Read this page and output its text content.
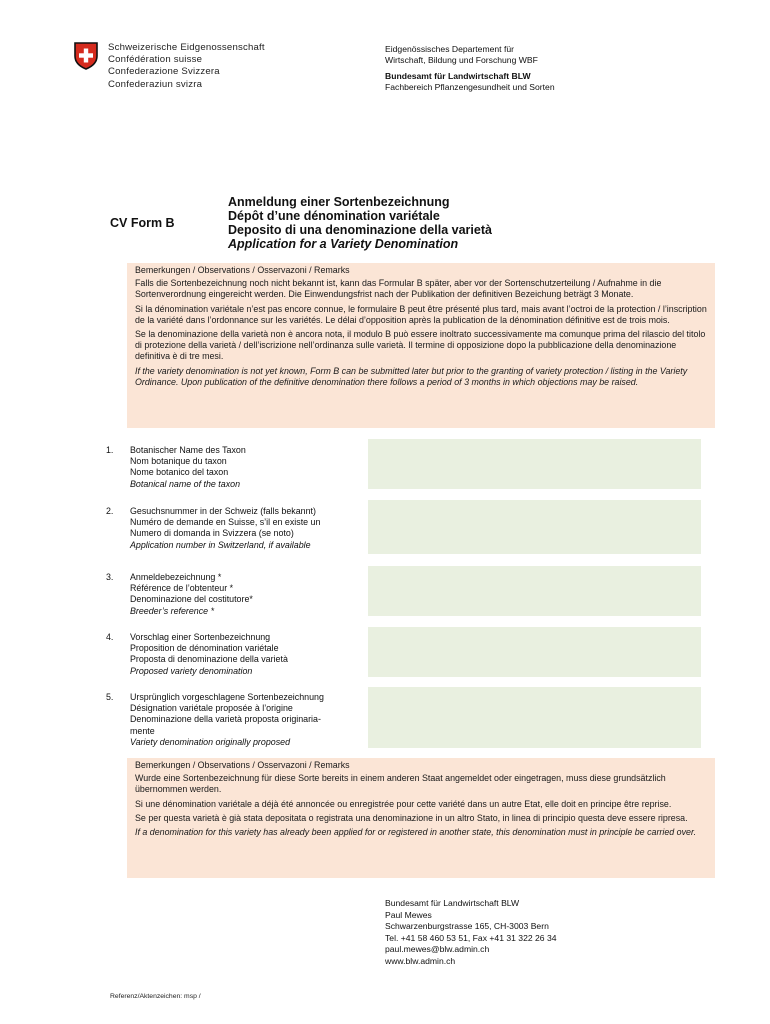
Schweizerische Eidgenossenschaft
Confédération suisse
Confederazione Svizzera
Confederaziun svizra
Eidgenössisches Departement für
Wirtschaft, Bildung und Forschung WBF
Bundesamt für Landwirtschaft BLW
Fachbereich Pflanzengesundheit und Sorten
CV Form B
Anmeldung einer Sortenbezeichnung
Dépôt d’une dénomination variétale
Deposito di una denominazione della varietà
Application for a Variety Denomination

Bemerkungen / Observations / Osservazoni / Remarks

Falls die Sortenbezeichnung noch nicht bekannt ist, kann das Formular B später, aber vor der Sortenschutzerteilung / Aufnahme in die Sortenverordnung eingereicht werden. Die Einwendungsfrist nach der Publikation der definitiven Bezeichung beträgt 3 Monate.

Si la dénomination variétale n’est pas encore connue, le formulaire B peut être présenté plus tard, mais avant l’octroi de la protection / l’inscription de la variété dans l’ordonnance sur les variétés. Le délai d’opposition après la publication de la dénomination définitive est de trois mois.

Se la denominazione della varietà non è ancora nota, il modulo B può essere inoltrato successivamente ma comunque prima del rilascio del titolo di protezione della varietà / dell’iscrizione nell’ordinanza sulle varietà. Il termine di opposizione dopo la pubblicazione della denominazione definitiva è di tre mesi.

If the variety denomination is not yet known, Form B can be submitted later but prior to the granting of variety protection / listing in the Variety Ordinance. Upon publication of the definitive denomination there follows a period of 3 months in which objections may be raised.

1. Botanischer Name des Taxon
Nom botanique du taxon
Nome botanico del taxon
Botanical name of the taxon
2. Gesuchsnummer in der Schweiz (falls bekannt)
Numéro de demande en Suisse, s’il en existe un
Numero di domanda in Svizzera (se noto)
Application number in Switzerland, if available
3. Anmeldebezeichnung *
Référence de l’obtenteur *
Denominazione del costitutore*
Breeder’s reference *
4. Vorschlag einer Sortenbezeichnung
Proposition de dénomination variétale
Proposta di denominazione della varietà
Proposed variety denomination
5. Ursprünglich vorgeschlagene Sortenbezeichnung
Désignation variétale proposée à l’origine
Denominazione della varietà proposta originaria-
mente
Variety denomination originally proposed

Bemerkungen / Observations / Osservazoni / Remarks

Wurde eine Sortenbezeichnung für diese Sorte bereits in einem anderen Staat angemeldet oder eingetragen, muss diese grundsätzlich übernommen werden.

Si une dénomination variétale a déjà été annoncée ou enregistrée pour cette variété dans un autre Etat, elle doit en principe être reprise.

Se per questa varietà è già stata depositata o registrata una denominazione in un altro Stato, in linea di principio questa deve essere ripresa.

If a denomination for this variety has already been applied for or registered in another state, this denomination must in principle be carried over.

Bundesamt für Landwirtschaft BLW
Paul Mewes
Schwarzenburgstrasse 165, CH-3003 Bern
Tel. +41 58 460 53 51, Fax +41 31 322 26 34
paul.mewes@blw.admin.ch
www.blw.admin.ch
Referenz/Aktenzeichen: msp /
